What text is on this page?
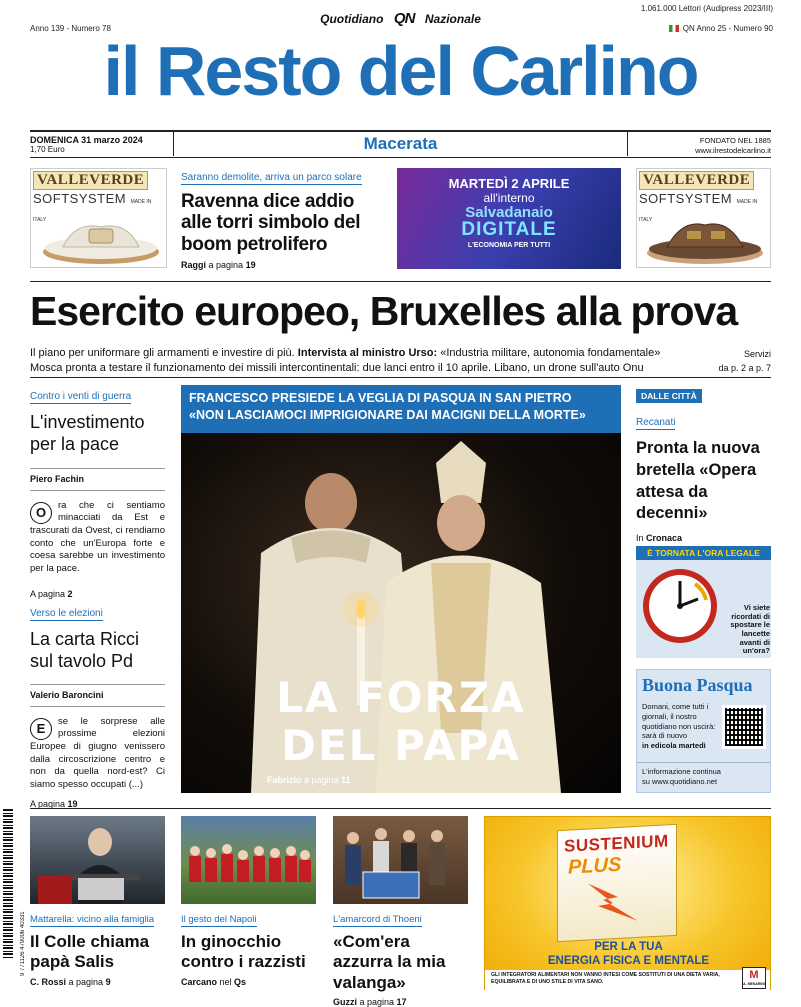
1.061.000 Lettori (Audipress 2023/III)
Quotidiano QN Nazionale
Anno 139 - Numero 78	QN Anno 25 - Numero 90
il Resto del Carlino
DOMENICA 31 marzo 2024
1,70 Euro	Macerata	FONDATO NEL 1885
www.ilrestodelcarlino.it
VALLEVERDE
SOFTSYSTEM MADE IN ITALY
Saranno demolite, arriva un parco solare
Ravenna dice addio alle torri simbolo del boom petrolifero
Raggi a pagina 19
MARTEDÌ 2 APRILE
all'interno
Salvadanaio
DIGITALE
L'ECONOMIA PER TUTTI
VALLEVERDE
SOFTSYSTEM MADE IN ITALY
Esercito europeo, Bruxelles alla prova
Il piano per uniformare gli armamenti e investire di più. Intervista al ministro Urso: «Industria militare, autonomia fondamentale»
Mosca pronta a testare il funzionamento dei missili intercontinentali: due lanci entro il 10 aprile. Libano, un drone sull'auto Onu
Servizi
da p. 2 a p. 7
Contro i venti di guerra
L'investimento per la pace
Piero Fachin
O	ra che ci sentiamo minacciati da Est e trascurati da Ovest, ci rendiamo conto che un'Europa forte e coesa sarebbe un investimento per la pace.
A pagina 2
Verso le elezioni
La carta Ricci sul tavolo Pd
Valerio Baroncini
E	se le sorprese alle prossime elezioni Europee di giugno venissero dalla circoscrizione centro e non da quella nord-est? Ci siamo spesso occupati (...)
A pagina 19
FRANCESCO PRESIEDE LA VEGLIA DI PASQUA IN SAN PIETRO
«NON LASCIAMOCI IMPRIGIONARE DAI MACIGNI DELLA MORTE»
LA FORZA
DEL PAPA
Fabrizio a pagina 11
DALLE CITTÀ
Recanati
Pronta la nuova bretella «Opera attesa da decenni»
In Cronaca
È TORNATA L'ORA LEGALE
Vi siete ricordati di spostare le lancette avanti di un'ora?
Buona Pasqua
Domani, come tutti i giornali, il nostro quotidiano non uscirà: sarà di nuovo
in edicola martedì
L'informazione continua
su www.quotidiano.net
9 771126 479006 40331 Mattarella: vicino alla famiglia
Il Colle chiama papà Salis
C. Rossi a pagina 9
Il gesto del Napoli
In ginocchio contro i razzisti
Carcano nel Qs
L'amarcord di Thoeni
«Com'era azzurra la mia valanga»
Guzzi a pagina 17
SUSTENIUM
PLUS
PER LA TUA
ENERGIA FISICA E MENTALE
GLI INTEGRATORI ALIMENTARI NON VANNO INTESI COME SOSTITUTI DI UNA DIETA VARIA, EQUILIBRATA E DI UNO STILE DI VITA SANO.
M
A. MENARINI
